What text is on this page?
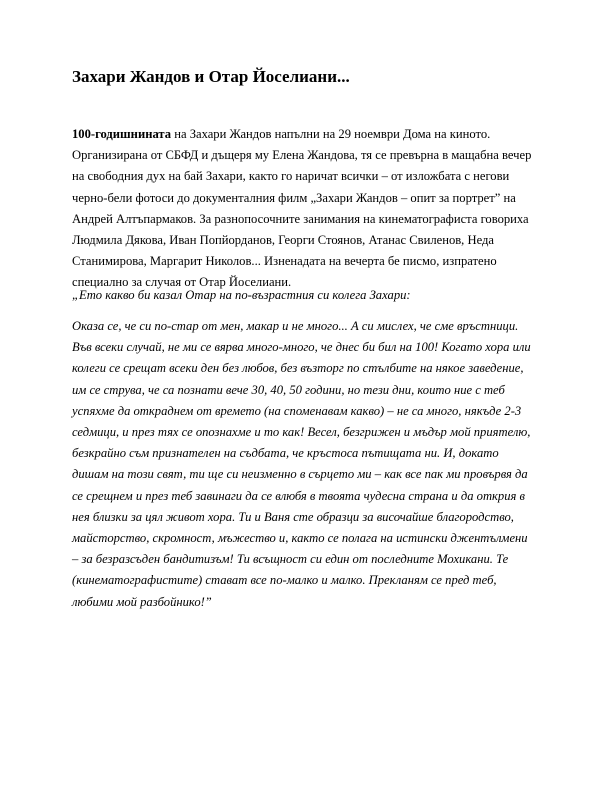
Захари Жандов и Отар Йоселиани...

100-годишнината на Захари Жандов напълни на 29 ноември Дома на киното. Организирана от СБФД и дъщеря му Елена Жандова, тя се превърна в мащабна вечер на свободния дух на бай Захари, както го наричат всички – от изложбата с негови черно-бели фотоси до документалния филм „Захари Жандов – опит за портрет” на Андрей Алтъпармаков. За разнопосочните занимания на кинематографиста говориха Людмила Дякова, Иван Попйорданов, Георги Стоянов, Атанас Свиленов, Неда Станимирова, Маргарит Николов... Изненадата на вечерта бе писмо, изпратено специално за случая от Отар Йоселиани.

„Ето какво би казал Отар на по-възрастния си колега Захари:

Оказа се, че си по-стар от мен, макар и не много... А си мислех, че сме връстници. Във всеки случай, не ми се вярва много-много, че днес би бил на 100! Когато хора или колеги се срещат всеки ден без любов, без възторг по стълбите на някое заведение, им се струва, че са познати вече 30, 40, 50 години, но тези дни, които ние с теб успяхме да откраднем от времето (на споменавам какво) – не са много, някъде 2-3 седмици, и през тях се опознахме и то как! Весел, безгрижен и мъдър мой приятелю, безкрайно съм признателен на съдбата, че кръстоса пътищата ни. И, докато дишам на този свят, ти ще си неизменно в сърцето ми – как все пак ми провървя да се срещнем и през теб завинаги да се влюбя в твоята чудесна страна и да открия в нея близки за цял живот хора. Ти и Ваня сте образци за височайше благородство, майсторство, скромност, мъжество и, както се полага на истински джентълмени – за безразсъден бандитизъм! Ти всъщност си един от последните Мохикани. Те (кинематографистите) стават все по-малко и малко. Прекланям се пред теб, любими мой разбойнико!”
